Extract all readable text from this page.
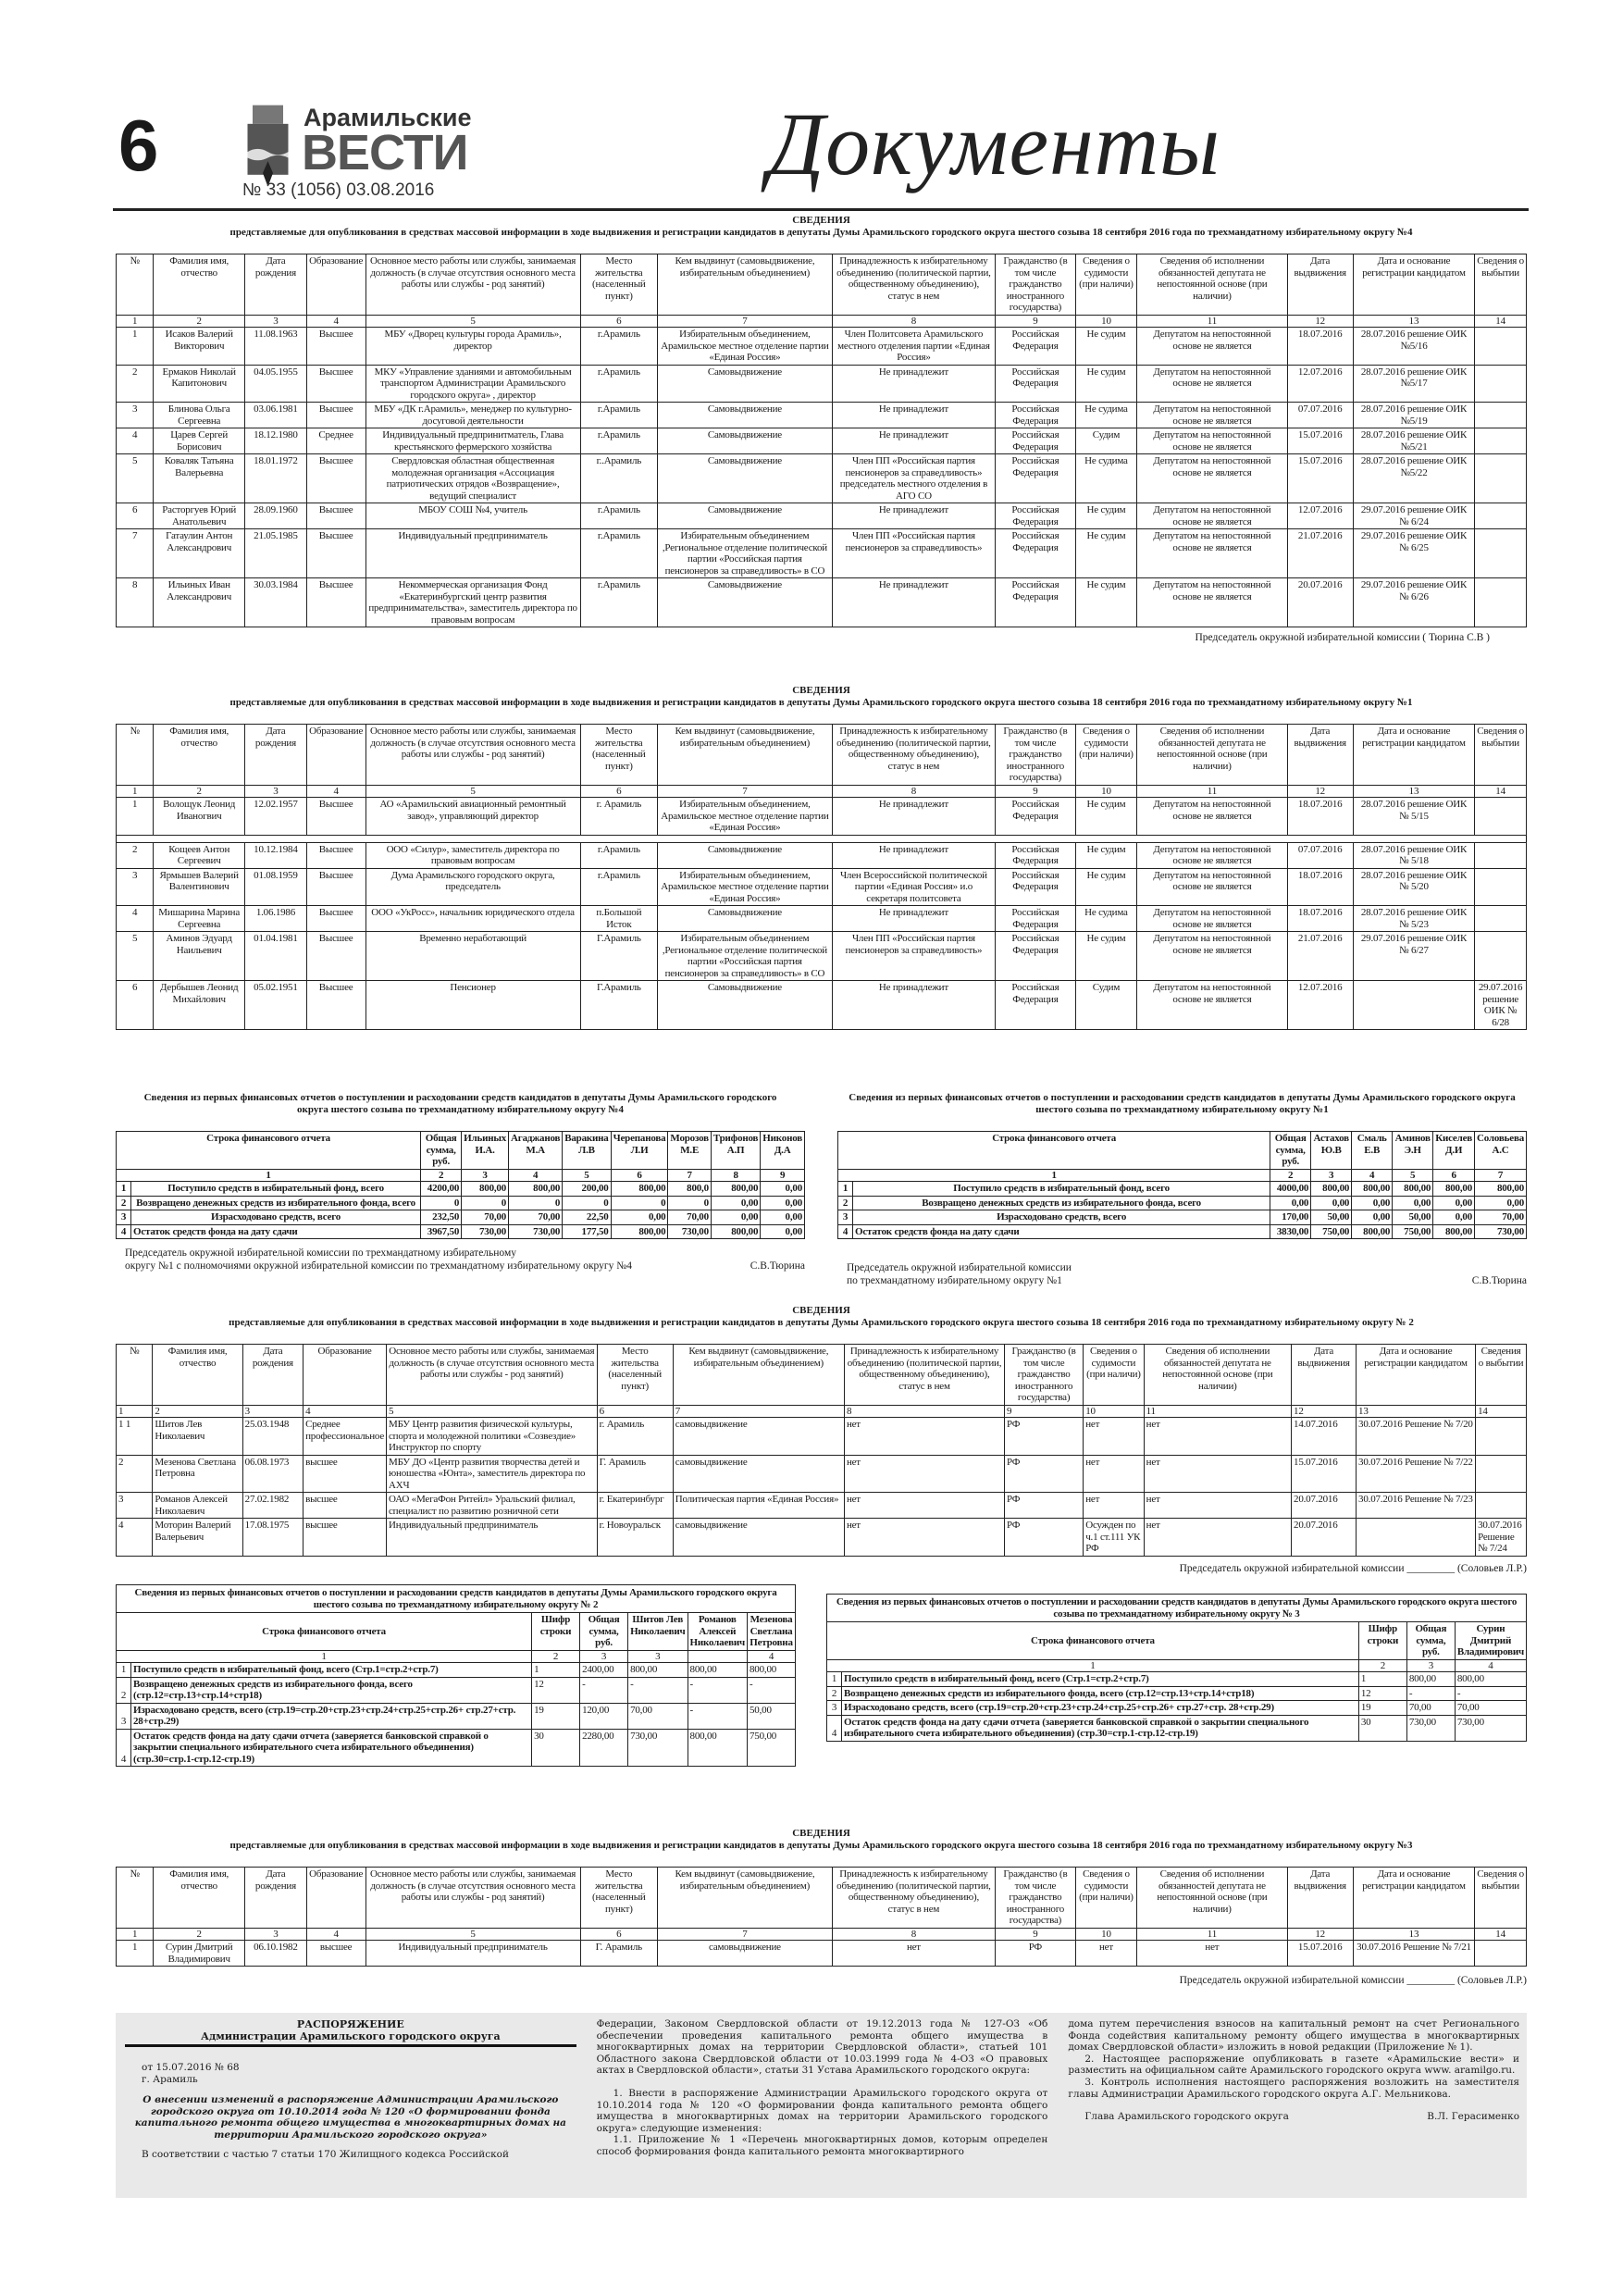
6	Арамильские
ВЕСТИ
№ 33 (1056) 03.08.2016	Документы
СВЕДЕНИЯ
представляемые для опубликования в средствах массовой информации в ходе выдвижения и регистрации кандидатов в депутаты Думы Арамильского городского округа шестого созыва 18 сентября 2016 года по трехмандатному избирательному округу №4
№	Фамилия имя, отчество	Дата рождения	Образование	Основное место работы или службы, занимаемая должность (в случае отсутствия основного места работы или службы - род занятий)	Место жительства (населенный пункт)	Кем выдвинут (самовыдвижение, избирательным объединением)	Принадлежность к избирательному объединению (политической партии, общественному объединению), статус в нем	Гражданство (в том числе гражданство иностранного государства)	Сведения о судимости (при наличи)	Сведения об исполнении обязанностей депутата не непостоянной основе (при наличии)	Дата выдвижения	Дата и основание регистрации кандидатом	Сведения о выбытии
1	2	3	4	5	6	7	8	9	10	11	12	13	14
1	Исаков Валерий Викторович	11.08.1963	Высшее	МБУ «Дворец культуры города Арамиль», директор	г.Арамиль	Избирательным объединением, Арамильское местное отделение партии «Единая Россия»	Член Политсовета Арамильского местного отделения партии «Единая Россия»	Российская Федерация	Не судим	Депутатом на непостоянной основе не является	18.07.2016	28.07.2016 решение ОИК №5/16	
2	Ермаков Николай Капитонович	04.05.1955	Высшее	МКУ «Управление зданиями и автомобильным транспортом Администрации Арамильского городского округа» , директор	г.Арамиль	Самовыдвижение	Не принадлежит	Российская Федерация	Не судим	Депутатом на непостоянной основе не является	12.07.2016	28.07.2016 решение ОИК №5/17	
3	Блинова Ольга Сергеевна	03.06.1981	Высшее	МБУ «ДК г.Арамиль», менеджер по культурно-досуговой деятельности	г.Арамиль	Самовыдвижение	Не принадлежит	Российская Федерация	Не судима	Депутатом на непостоянной основе не является	07.07.2016	28.07.2016 решение ОИК №5/19	
4	Царев Сергей Борисович	18.12.1980	Среднее	Индивидуальный предпринитматель, Глава крестьянского фермерского хозяйства	г.Арамиль	Самовыдвижение	Не принадлежит	Российская Федерация	Судим	Депутатом на непостоянной основе не является	15.07.2016	28.07.2016 решение ОИК №5/21	
5	Коваляк Татьяна Валерьевна	18.01.1972	Высшее	Свердловская областная общественная молодежная организация «Ассоциация патриотических отрядов «Возвращение», ведущий специалист	г..Арамиль	Самовыдвижение	Член ПП «Российская партия пенсионеров за справедливость» председатель местного отделения в АГО СО	Российская Федерация	Не судима	Депутатом на непостоянной основе не является	15.07.2016	28.07.2016 решение ОИК №5/22	
6	Расторгуев Юрий Анатольевич	28.09.1960	Высшее	МБОУ СОШ №4, учитель	г.Арамиль	Самовыдвижение	Не принадлежит	Российская Федерация	Не судим	Депутатом на непостоянной основе не является	12.07.2016	29.07.2016 решение ОИК № 6/24	
7	Гатаулин Антон Александрович	21.05.1985	Высшее	Индивидуальный предприниматель	г.Арамиль	Избирательным объединением ,Региональное отделение политической партии «Российская партия пенсионеров за справедливость» в СО	Член ПП «Российская партия пенсионеров за справедливость»	Российская Федерация	Не судим	Депутатом на непостоянной основе не является	21.07.2016	29.07.2016 решение ОИК № 6/25	
8	Ильиных Иван Александрович	30.03.1984	Высшее	Некоммерческая организация Фонд «Екатеринбургский центр развития предпринимательства», заместитель директора по правовым вопросам	г.Арамиль	Самовыдвижение	Не принадлежит	Российская Федерация	Не судим	Депутатом на непостоянной основе не является	20.07.2016	29.07.2016 решение ОИК № 6/26	
Председатель окружной избирательной комиссии ( Тюрина С.В )
СВЕДЕНИЯ
представляемые для опубликования в средствах массовой информации в ходе выдвижения и регистрации кандидатов в депутаты Думы Арамильского городского округа шестого созыва 18 сентября 2016 года по трехмандатному избирательному округу №1
№	Фамилия имя, отчество	Дата рождения	Образование	Основное место работы или службы, занимаемая должность (в случае отсутствия основного места работы или службы - род занятий)	Место жительства (населенный пункт)	Кем выдвинут (самовыдвижение, избирательным объединением)	Принадлежность к избирательному объединению (политической партии, общественному объединению), статус в нем	Гражданство (в том числе гражданство иностранного государства)	Сведения о судимости (при наличи)	Сведения об исполнении обязанностей депутата не непостоянной основе (при наличии)	Дата выдвижения	Дата и основание регистрации кандидатом	Сведения о выбытии
1	2	3	4	5	6	7	8	9	10	11	12	13	14
1	Волощук Леонид Иваногвич	12.02.1957	Высшее	АО «Арамильский авиационный ремонтный завод», управляющий директор	г. Арамиль	Избирательным объединением, Арамильское местное отделение партии «Единая Россия»	Не принадлежит	Российская Федерация	Не судим	Депутатом на непостоянной основе не является	18.07.2016	28.07.2016 решение ОИК № 5/15	

2	Кощеев Антон Сергеевич	10.12.1984	Высшее	ООО «Силур», заместитель директора по правовым вопросам	г.Арамиль	Самовыдвижение	Не принадлежит	Российская Федерация	Не судим	Депутатом на непостоянной основе не является	07.07.2016	28.07.2016 решение ОИК № 5/18	
3	Ярмышев Валерий Валентинович	01.08.1959	Высшее	Дума Арамильского городского округа, председатель	г.Арамиль	Избирательным объединением, Арамильское местное отделение партии «Единая Россия»	Член Всероссийской политической партии «Единая Россия» и.о секретаря политсовета	Российская Федерация	Не судим	Депутатом на непостоянной основе не является	18.07.2016	28.07.2016 решение ОИК № 5/20	
4	Мишарина Марина Сергеевна	1.06.1986	Высшее	ООО «УкРосс», начальник юридического отдела	п.Большой Исток	Самовыдвижение	Не принадлежит	Российская Федерация	Не судима	Депутатом на непостоянной основе не является	18.07.2016	28.07.2016 решение ОИК № 5/23	
5	Аминов Эдуард Наильевич	01.04.1981	Высшее	Временно неработающий	Г.Арамиль	Избирательным объединением ,Региональное отделение политической партии «Российская партия пенсионеров за справедливость» в СО	Член ПП «Российская партия пенсионеров за справедливость»	Российская Федерация	Не судим	Депутатом на непостоянной основе не является	21.07.2016	29.07.2016 решение ОИК № 6/27	
6	Дербышев Леонид Михайлович	05.02.1951	Высшее	Пенсионер	Г.Арамиль	Самовыдвижение	Не принадлежит	Российская Федерация	Судим	Депутатом на непостоянной основе не является	12.07.2016		29.07.2016 решение ОИК № 6/28
Сведения из первых финансовых отчетов о поступлении и расходовании средств кандидатов в депутаты Думы Арамильского городского округа шестого созыва по трехмандатному избирательному округу №4
Строка финансового отчета		Общая сумма, руб.	Ильиных И.А.	Агаджанов М.А	Варакина Л.В	Черепанова Л.И	Морозов М.Е	Трифонов А.П	Никонов Д.А
1		2	3	4	5	6	7	8	9
1	Поступило средств в избирательный фонд, всего	4200,00	800,00	800,00	200,00	800,00	800,0	800,00	0,00
2	Возвращено денежных средств из избирательного фонда, всего	0	0	0	0	0	0	0,00	0,00
3	Израсходовано средств, всего	232,50	70,00	70,00	22,50	0,00	70,00	0,00	0,00
4	Остаток средств фонда на дату сдачи	3967,50	730,00	730,00	177,50	800,00	730,00	800,00	0,00
Председатель окружной избирательной комиссии по трехмандатному избирательному
округу №1 с полномочиями окружной избирательной комиссии по трехмандатному избирательному округу №4	С.В.Тюрина
Сведения из первых финансовых отчетов о поступлении и расходовании средств кандидатов в депутаты Думы Арамильского городского округа шестого созыва по трехмандатному избирательному округу №1
Строка финансового отчета		Общая сумма, руб.	Астахов Ю.В	Смаль Е.В	Аминов Э.Н	Киселев Д.И	Соловьева А.С
1		2	3	4	5	6	7
1	Поступило средств в избирательный фонд, всего	4000,00	800,00	800,00	800,00	800,00	800,00
2	Возвращено денежных средств из избирательного фонда, всего	0,00	0,00	0,00	0,00	0,00	0,00
3	Израсходовано средств, всего	170,00	50,00	0,00	50,00	0,00	70,00
4	Остаток средств фонда на дату сдачи	3830,00	750,00	800,00	750,00	800,00	730,00
Председатель окружной избирательной комиссии
по трехмандатному избирательному округу №1	С.В.Тюрина
СВЕДЕНИЯ
представляемые для опубликования в средствах массовой информации в ходе выдвижения и регистрации кандидатов в депутаты Думы Арамильского городского округа шестого созыва 18 сентября 2016 года по трехмандатному избирательному округу № 2
№	Фамилия имя, отчество	Дата рождения	Образование	Основное место работы или службы, занимаемая должность (в случае отсутствия основного места работы или службы - род занятий)	Место жительства (населенный пункт)	Кем выдвинут (самовыдвижение, избирательным объединением)	Принадлежность к избирательному объединению (политической партии, общественному объединению), статус в нем	Гражданство (в том числе гражданство иностранного государства)	Сведения о судимости (при наличи)	Сведения об исполнении обязанностей депутата не непостоянной основе (при наличии)	Дата выдвижения	Дата и основание регистрации кандидатом	Сведения о выбытии
1	2	3	4	5	6	7	8	9	10	11	12	13	14
1 1	Шитов Лев Николаевич	25.03.1948	Среднее профессиональное	МБУ Центр развития физической культуры, спорта и молодежной политики «Созвездие» Инструктор по спорту	г. Арамиль	самовыдвижение	нет	РФ	нет	нет	14.07.2016	30.07.2016 Решение № 7/20	
2	Мезенова Светлана Петровна	06.08.1973	высшее	МБУ ДО «Центр развития творчества детей и юношества «Юнта», заместитель директора по АХЧ	Г. Арамиль	самовыдвижение	нет	РФ	нет	нет	15.07.2016	30.07.2016 Решение № 7/22	
3	Романов Алексей Николаевич	27.02.1982	высшее	ОАО «МегаФон Ритейл» Уральский филиал, специалист по развитию розничной сети	г. Екатеринбург	Политическая партия «Единая Россия»	нет	РФ	нет	нет	20.07.2016	30.07.2016 Решение № 7/23	
4	Моторин Валерий Валерьевич	17.08.1975	высшее	Индивидуальный предприниматель	г. Новоуральск	самовыдвижение	нет	РФ	Осужден по ч.1 ст.111 УК РФ	нет	20.07.2016		30.07.2016 Решение № 7/24
Председатель окружной избирательной комиссии _________ (Соловьев Л.Р.)
Сведения из первых финансовых отчетов о поступлении и расходовании средств кандидатов в депутаты Думы Арамильского городского округа шестого созыва по трехмандатному избирательному округу № 2
Строка финансового отчета		Шифр строки	Общая сумма, руб.	Шитов Лев Николаевич	Романов Алексей Николаевич	Мезенова Светлана Петровна
1		2	3	3		4
1	Поступило средств в избирательный фонд, всего (Стр.1=стр.2+стр.7)	1	2400,00	800,00	800,00	800,00
2	Возвращено денежных средств из избирательного фонда, всего (стр.12=стр.13+стр.14+стр18)	12	-	-	-	-
3	Израсходовано средств, всего (стр.19=стр.20+стр.23+стр.24+стр.25+стр.26+ стр.27+стр. 28+стр.29)	19	120,00	70,00	-	50,00
4	Остаток средств фонда на дату сдачи отчета (заверяется банковской справкой о закрытии специального избирательного счета избирательного объединения) (стр.30=стр.1-стр.12-стр.19)	30	2280,00	730,00	800,00	750,00
Сведения из первых финансовых отчетов о поступлении и расходовании средств кандидатов в депутаты Думы Арамильского городского округа шестого созыва по трехмандатному избирательному округу № 3
Строка финансового отчета		Шифр строки	Общая сумма, руб.	Сурин Дмитрий Владимирович
1		2	3	4
1	Поступило средств в избирательный фонд, всего (Стр.1=стр.2+стр.7)	1	800,00	800,00
2	Возвращено денежных средств из избирательного фонда, всего (стр.12=стр.13+стр.14+стр18)	12	-	-
3	Израсходовано средств, всего (стр.19=стр.20+стр.23+стр.24+стр.25+стр.26+ стр.27+стр. 28+стр.29)	19	70,00	70,00
4	Остаток средств фонда на дату сдачи отчета (заверяется банковской справкой о закрытии специального избирательного счета избирательного объединения) (стр.30=стр.1-стр.12-стр.19)	30	730,00	730,00
СВЕДЕНИЯ
представляемые для опубликования в средствах массовой информации в ходе выдвижения и регистрации кандидатов в депутаты Думы Арамильского городского округа шестого созыва 18 сентября 2016 года по трехмандатному избирательному округу №3
№	Фамилия имя, отчество	Дата рождения	Образование	Основное место работы или службы, занимаемая должность (в случае отсутствия основного места работы или службы - род занятий)	Место жительства (населенный пункт)	Кем выдвинут (самовыдвижение, избирательным объединением)	Принадлежность к избирательному объединению (политической партии, общественному объединению), статус в нем	Гражданство (в том числе гражданство иностранного государства)	Сведения о судимости (при наличи)	Сведения об исполнении обязанностей депутата не непостоянной основе (при наличии)	Дата выдвижения	Дата и основание регистрации кандидатом	Сведения о выбытии
1	2	3	4	5	6	7	8	9	10	11	12	13	14
1	Сурин Дмитрий Владимирович	06.10.1982	высшее	Индивидуальный предприниматель	Г. Арамиль	самовыдвижение	нет	РФ	нет	нет	15.07.2016	30.07.2016 Решение № 7/21	
Председатель окружной избирательной комиссии _________ (Соловьев Л.Р.)
РАСПОРЯЖЕНИЕ
Администрации Арамильского городского округа
от 15.07.2016 № 68
г. Арамиль
О внесении изменений в распоряжение Администрации Арамильского городского округа от 10.10.2014 года № 120 «О формировании фонда капитального ремонта общего имущества в многоквартирных домах на территории Арамильского городского округа»

В соответствии с частью 7 статьи 170 Жилищного кодекса Российской

Федерации, Законом Свердловской области от 19.12.2013 года № 127-ОЗ «Об обеспечении проведения капитального ремонта общего имущества в многоквартирных домах на территории Свердловской области», статьей 101 Областного закона Свердловской области от 10.03.1999 года № 4-ОЗ «О правовых актах в Свердловской области», статьи 31 Устава Арамильского городского округа:

1. Внести в распоряжение Администрации Арамильского городского округа от 10.10.2014 года № 120 «О формировании фонда капитального ремонта общего имущества в многоквартирных домах на территории Арамильского городского округа» следующие изменения:

1.1. Приложение № 1 «Перечень многоквартирных домов, которым определен способ формирования фонда капитального ремонта многоквартирного

дома путем перечисления взносов на капитальный ремонт на счет Регионального Фонда содействия капитальному ремонту общего имущества в многоквартирных домах Свердловской области» изложить в новой редакции (Приложение № 1).

2. Настоящее распоряжение опубликовать в газете «Арамильские вести» и разместить на официальном сайте Арамильского городского округа www. aramilgo.ru.

3. Контроль исполнения настоящего распоряжения возложить на заместителя главы Администрации Арамильского городского округа А.Г. Мельникова.

Глава Арамильского городского округа	В.Л. Герасименко
